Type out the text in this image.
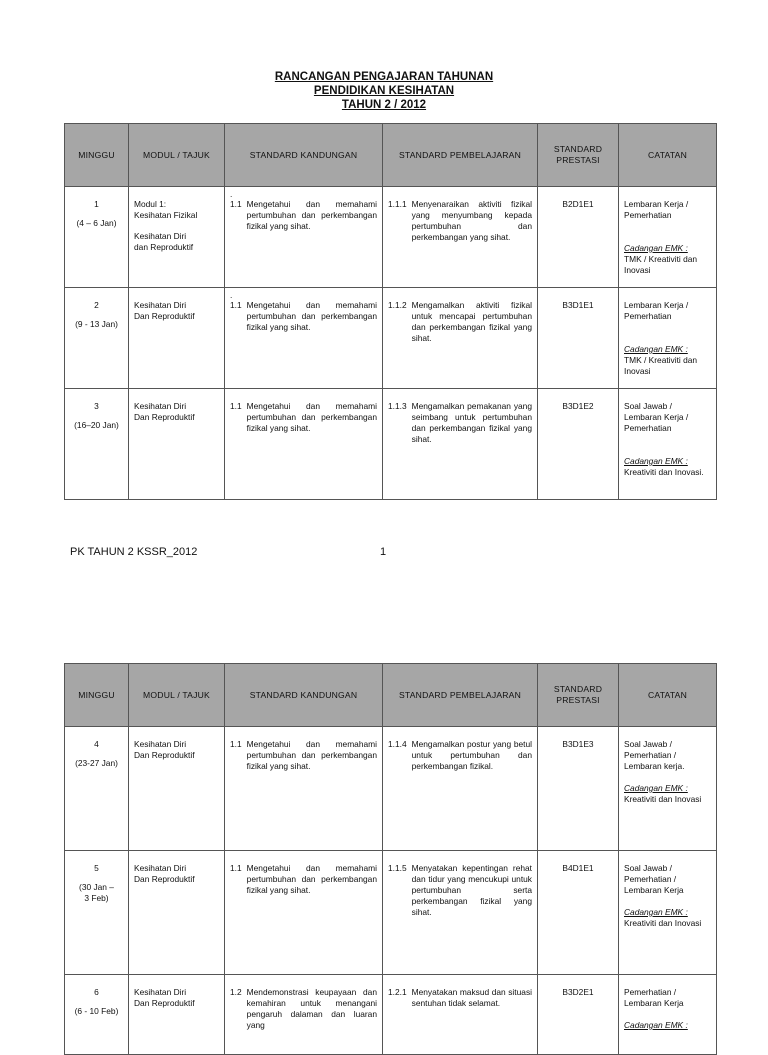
RANCANGAN PENGAJARAN TAHUNAN
PENDIDIKAN KESIHATAN
TAHUN 2 / 2012
MINGGU	MODUL / TAJUK	STANDARD KANDUNGAN	STANDARD PEMBELAJARAN	STANDARD PRESTASI	CATATAN

1
(4 – 6 Jan)	Modul 1:
Kesihatan Fizikal
Kesihatan Diri
dan Reproduktif	.
1.1 Mengetahui dan memahami pertumbuhan dan perkembangan fizikal yang sihat.	1.1.1 Menyenaraikan aktiviti fizikal yang menyumbang kepada pertumbuhan dan perkembangan yang sihat.	B2D1E1	Lembaran Kerja / Pemerhatian
Cadangan EMK :
TMK / Kreativiti dan Inovasi

2
(9 - 13 Jan)	Kesihatan Diri
Dan Reproduktif	.
1.1 Mengetahui dan memahami pertumbuhan dan perkembangan fizikal yang sihat.	1.1.2 Mengamalkan aktiviti fizikal untuk mencapai pertumbuhan dan perkembangan fizikal yang sihat.	B3D1E1	Lembaran Kerja / Pemerhatian
Cadangan EMK :
TMK / Kreativiti dan Inovasi

3
(16–20 Jan)	Kesihatan Diri
Dan Reproduktif	1.1 Mengetahui dan memahami pertumbuhan dan perkembangan fizikal yang sihat.	1.1.3 Mengamalkan pemakanan yang seimbang untuk pertumbuhan dan perkembangan fizikal yang sihat.	B3D1E2	Soal Jawab / Lembaran Kerja / Pemerhatian
Cadangan EMK :
Kreativiti dan Inovasi.
PK TAHUN 2 KSSR_2012	1
MINGGU	MODUL / TAJUK	STANDARD KANDUNGAN	STANDARD PEMBELAJARAN	STANDARD PRESTASI	CATATAN

4
(23-27 Jan)	Kesihatan Diri
Dan Reproduktif	1.1 Mengetahui dan memahami pertumbuhan dan perkembangan fizikal yang sihat.	1.1.4 Mengamalkan postur yang betul untuk pertumbuhan dan perkembangan fizikal.	B3D1E3	Soal Jawab / Pemerhatian / Lembaran kerja.
Cadangan EMK :
Kreativiti dan Inovasi

5
(30 Jan –
3 Feb)	Kesihatan Diri
Dan Reproduktif	1.1 Mengetahui dan memahami pertumbuhan dan perkembangan fizikal yang sihat.	1.1.5 Menyatakan kepentingan rehat dan tidur yang mencukupi untuk pertumbuhan serta perkembangan fizikal yang sihat.	B4D1E1	Soal Jawab / Pemerhatian / Lembaran Kerja
Cadangan EMK :
Kreativiti dan Inovasi

6
(6 - 10 Feb)	Kesihatan Diri
Dan Reproduktif	1.2 Mendemonstrasi keupayaan dan kemahiran untuk menangani pengaruh dalaman dan luaran yang	1.2.1 Menyatakan maksud dan situasi sentuhan tidak selamat.	B3D2E1	Pemerhatian / Lembaran Kerja
Cadangan EMK :
